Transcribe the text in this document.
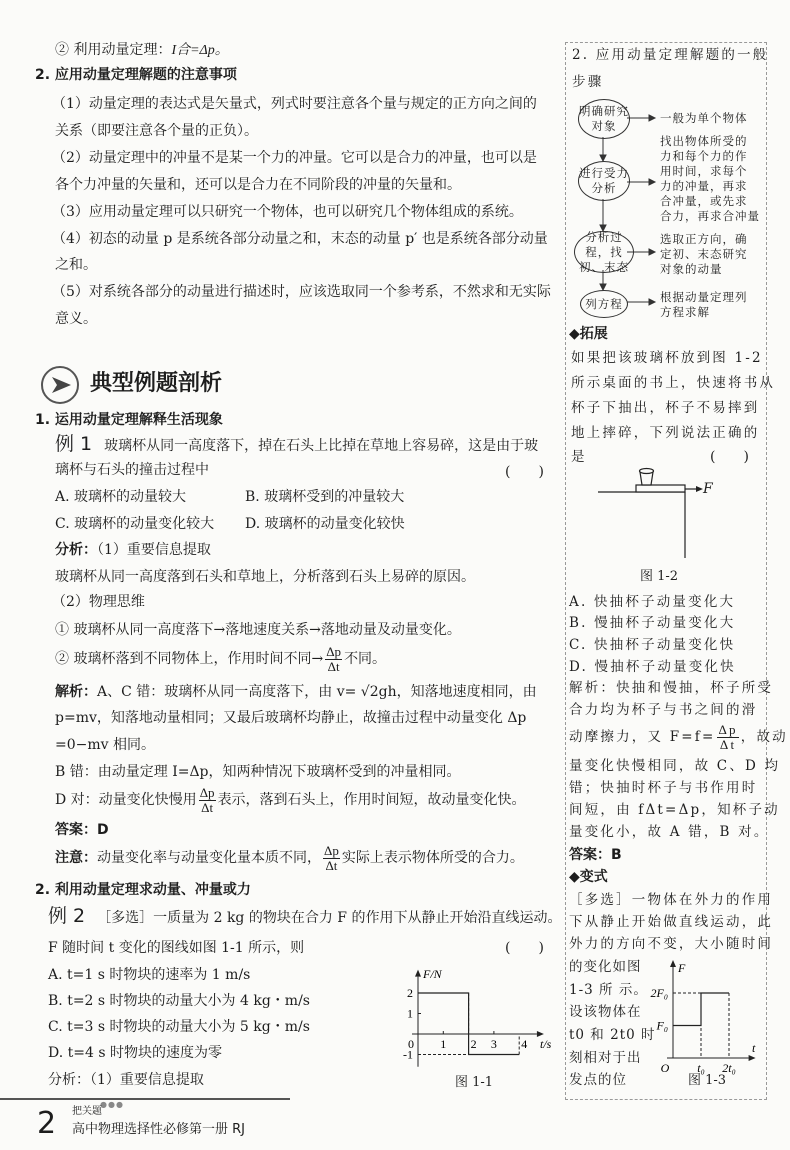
② 利用动量定理：I合=Δp。
2. 应用动量定理解题的注意事项
（1）动量定理的表达式是矢量式，列式时要注意各个量与规定的正方向之间的
关系（即要注意各个量的正负）。
（2）动量定理中的冲量不是某一个力的冲量。它可以是合力的冲量，也可以是
各个力冲量的矢量和，还可以是合力在不同阶段的冲量的矢量和。
（3）应用动量定理可以只研究一个物体，也可以研究几个物体组成的系统。
（4）初态的动量 p 是系统各部分动量之和，末态的动量 p′ 也是系统各部分动量
之和。
（5）对系统各部分的动量进行描述时，应该选取同一个参考系，不然求和无实际
意义。
典型例题剖析
1. 运用动量定理解释生活现象
例 1 玻璃杯从同一高度落下，掉在石头上比掉在草地上容易碎，这是由于玻
璃杯与石头的撞击过程中	(　　)
A. 玻璃杯的动量较大	B. 玻璃杯受到的冲量较大
C. 玻璃杯的动量变化较大 D. 玻璃杯的动量变化较快
分析：（1）重要信息提取
玻璃杯从同一高度落到石头和草地上，分析落到石头上易碎的原因。
（2）物理思维
① 玻璃杯从同一高度落下→落地速度关系→落地动量及动量变化。
② 玻璃杯落到不同物体上，作用时间不同→ $\frac{\Delta p}{\Delta t}$ 不同。
解析：A、C 错：玻璃杯从同一高度落下，由 v= √2gh，知落地速度相同，由
p=mv，知落地动量相同；又最后玻璃杯均静止，故撞击过程中动量变化 Δp
=0−mv 相同。
B 错：由动量定理 I=Δp，知两种情况下玻璃杯受到的冲量相同。
D 对：动量变化快慢用 $\frac{\Delta p}{\Delta t}$ 表示，落到石头上，作用时间短，故动量变化快。
答案：D
注意：动量变化率与动量变化量本质不同， $\frac{\Delta p}{\Delta t}$ 实际上表示物体所受的合力。
2. 利用动量定理求动量、冲量或力
例 2 ［多选］一质量为 2 kg 的物块在合力 F 的作用下从静止开始沿直线运动。
F 随时间 t 变化的图线如图 1-1 所示，则	(　　)
A. t=1 s 时物块的速率为 1 m/s
B. t=2 s 时物块的动量大小为 4 kg・m/s
C. t=3 s 时物块的动量大小为 5 kg・m/s
D. t=4 s 时物块的速度为零
分析：（1）重要信息提取
2
1
-1
0 1 2 3 4 t/s
F/N
图 1-1
2. 应用动量定理解题的一般
步骤
明确研究对象
进行受力分析
分析过程，找初、末态
列方程
一般为单个物体
找出物体所受的
力和每个力的作
用时间，求每个
力的冲量，再求
合冲量，或先求
合力，再求合冲量
选取正方向，确
定初、末态研究
对象的动量
根据动量定理列
方程求解
◆拓展
如果把该玻璃杯放到图 1-2
所示桌面的书上，快速将书从
杯子下抽出，杯子不易摔到
地上摔碎，下列说法正确的
是	(　　)
F
图 1-2
A. 快抽杯子动量变化大
B. 慢抽杯子动量变化大
C. 快抽杯子动量变化快
D. 慢抽杯子动量变化快
解析：快抽和慢抽，杯子所受
合力均为杯子与书之间的滑
动摩擦力，又 $F=f= \frac{\Delta p}{\Delta t}$ ，故动
量变化快慢相同，故 C、D 均
错；快抽时杯子与书作用时
间短，由 fΔt=Δp，知杯子动
量变化小，故 A 错，B 对。
答案：B
◆变式
［多选］一物体在外力的作用
下从静止开始做直线运动，此
外力的方向不变，大小随时间
的变化如图
1-3 所 示。
设该物体在
t0 和 2t0 时
刻相对于出
发点的位
2F₀
F₀
O t₀ 2t₀
t
F
图 1-3
●●●
2 把关题
高中物理选择性必修第一册 RJ
